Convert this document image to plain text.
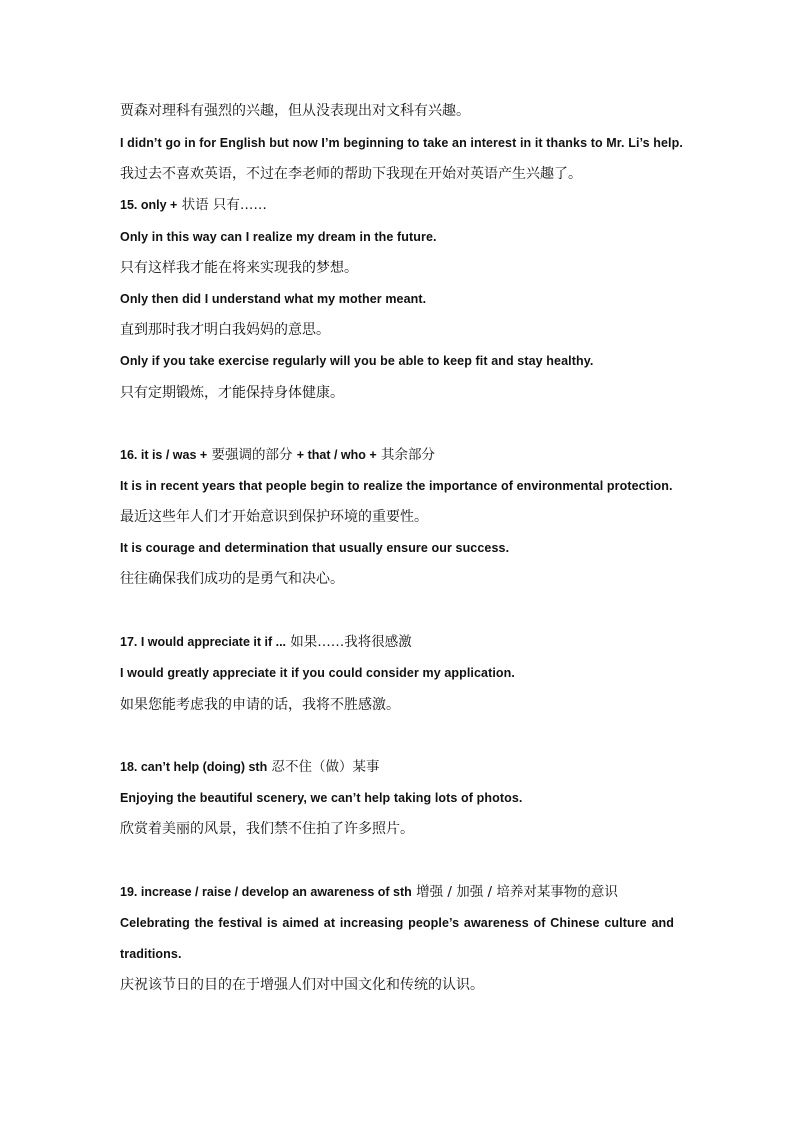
贾森对理科有强烈的兴趣，但从没表现出对文科有兴趣。
I didn’t go in for English but now I’m beginning to take an interest in it thanks to Mr. Li’s help.
我过去不喜欢英语，不过在李老师的帮助下我现在开始对英语产生兴趣了。
15. only + 状语 只有……
Only in this way can I realize my dream in the future.
只有这样我才能在将来实现我的梦想。
Only then did I understand what my mother meant.
直到那时我才明白我妈妈的意思。
Only if you take exercise regularly will you be able to keep fit and stay healthy.
只有定期锻炼，才能保持身体健康。
16. it is / was + 要强调的部分 + that / who + 其余部分
It is in recent years that people begin to realize the importance of environmental protection.
最近这些年人们才开始意识到保护环境的重要性。
It is courage and determination that usually ensure our success.
往往确保我们成功的是勇气和决心。
17. I would appreciate it if ... 如果……我将很感激
I would greatly appreciate it if you could consider my application.
如果您能考虑我的申请的话，我将不胜感激。
18. can’t help (doing) sth 忍不住（做）某事
Enjoying the beautiful scenery, we can’t help taking lots of photos.
欣赏着美丽的风景，我们禁不住拍了许多照片。
19. increase / raise / develop an awareness of sth 增强 / 加强 / 培养对某事物的意识
Celebrating the festival is aimed at increasing people’s awareness of Chinese culture and
traditions.
庆祝该节日的目的在于增强人们对中国文化和传统的认识。
